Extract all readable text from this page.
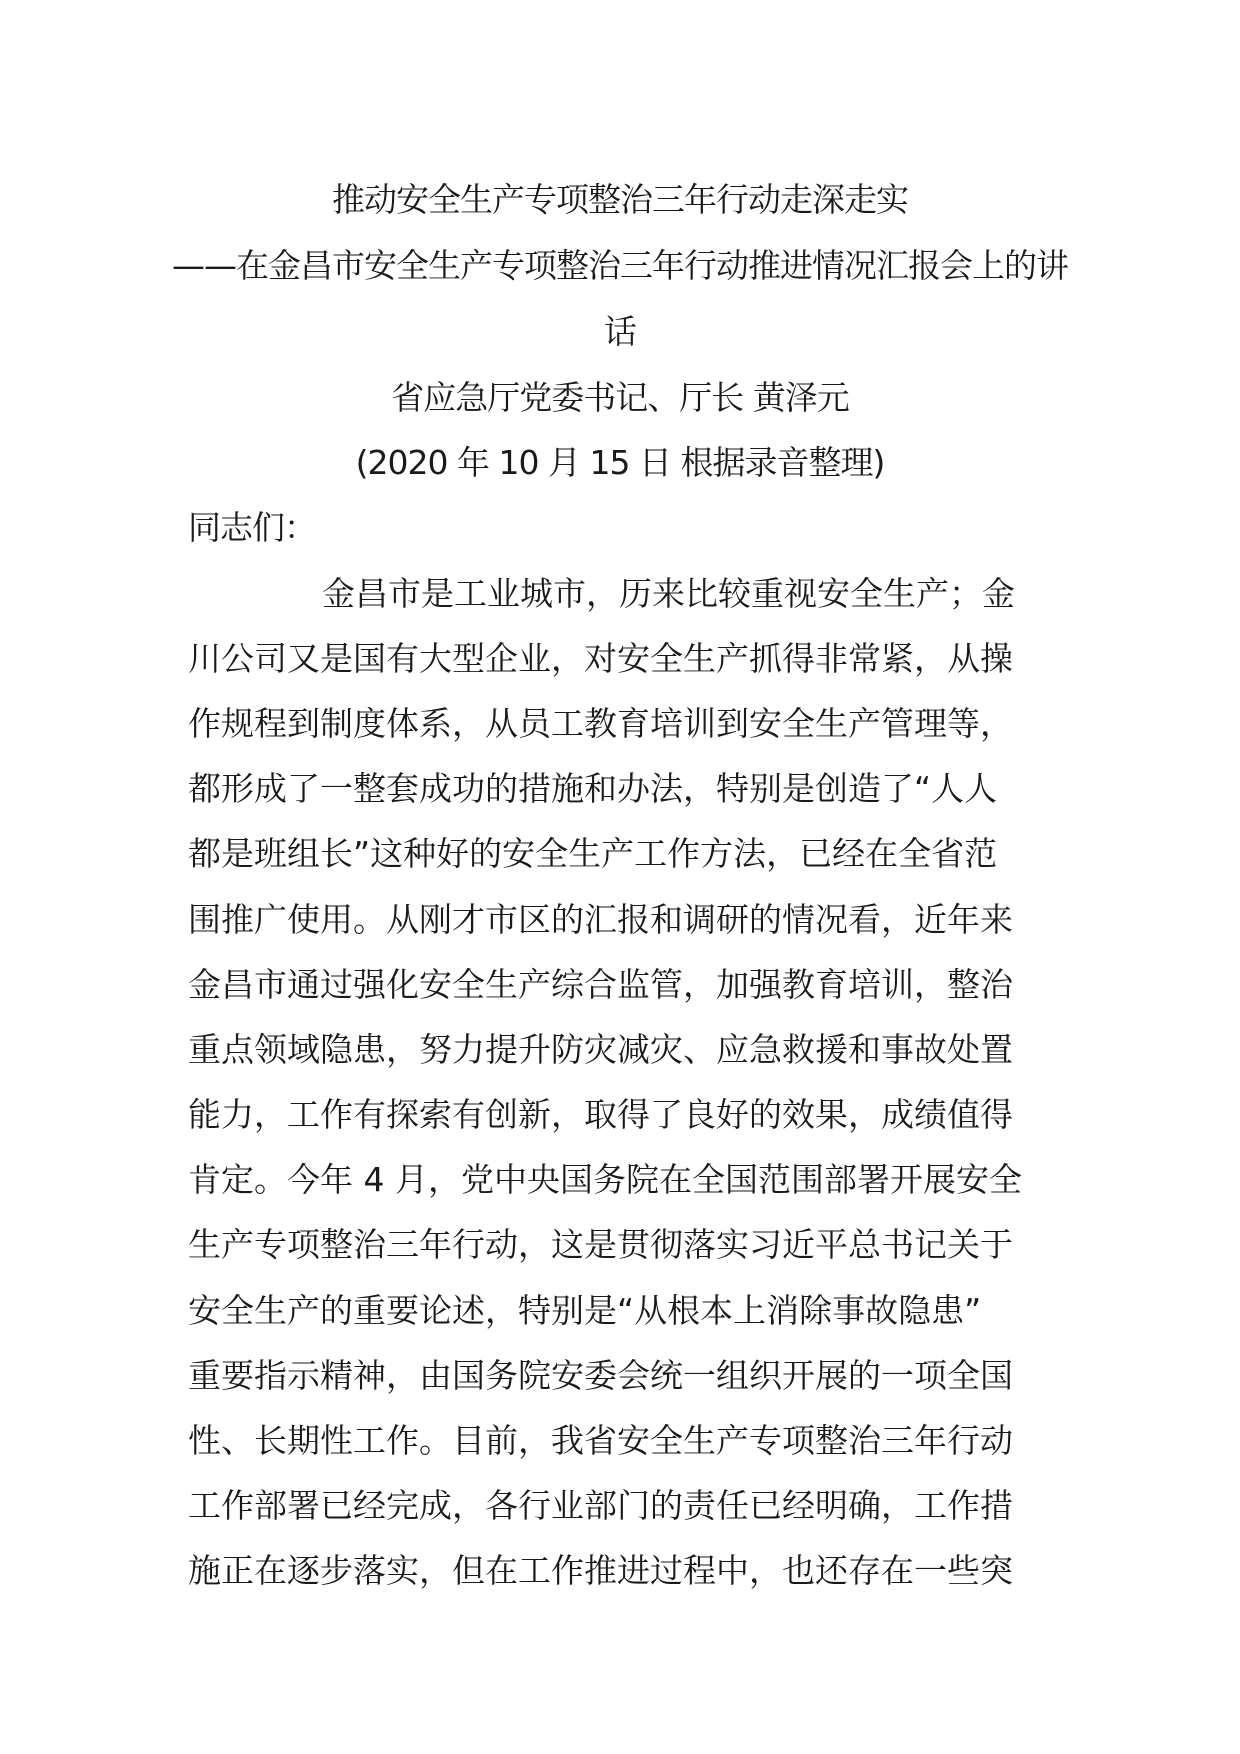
推动安全生产专项整治三年行动走深走实
——在金昌市安全生产专项整治三年行动推进情况汇报会上的讲
话
省应急厅党委书记、厅长 黄泽元
(2020 年 10 月 15 日 根据录音整理)
同志们：
金昌市是工业城市，历来比较重视安全生产；金
川公司又是国有大型企业，对安全生产抓得非常紧，从操
作规程到制度体系，从员工教育培训到安全生产管理等，
都形成了一整套成功的措施和办法，特别是创造了“人人
都是班组长”这种好的安全生产工作方法，已经在全省范
围推广使用。从刚才市区的汇报和调研的情况看，近年来
金昌市通过强化安全生产综合监管，加强教育培训，整治
重点领域隐患，努力提升防灾减灾、应急救援和事故处置
能力，工作有探索有创新，取得了良好的效果，成绩值得
肯定。今年 4 月，党中央国务院在全国范围部署开展安全
生产专项整治三年行动，这是贯彻落实习近平总书记关于
安全生产的重要论述，特别是“从根本上消除事故隐患”
重要指示精神，由国务院安委会统一组织开展的一项全国
性、长期性工作。目前，我省安全生产专项整治三年行动
工作部署已经完成，各行业部门的责任已经明确，工作措
施正在逐步落实，但在工作推进过程中，也还存在一些突
